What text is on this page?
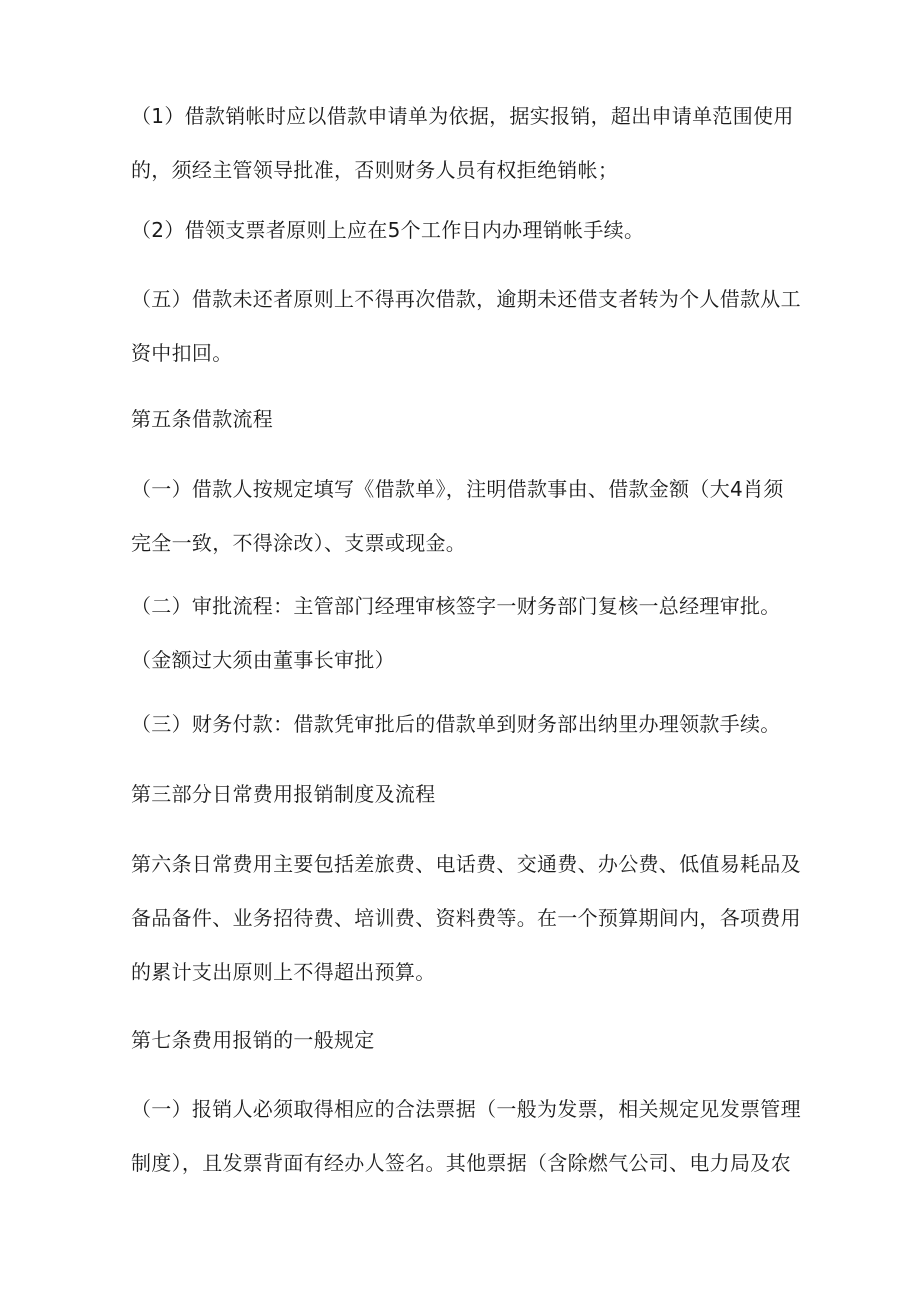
（1）借款销帐时应以借款申请单为依据，据实报销，超出申请单范围使用
的，须经主管领导批准，否则财务人员有权拒绝销帐；
（2）借领支票者原则上应在5个工作日内办理销帐手续。
（五）借款未还者原则上不得再次借款，逾期未还借支者转为个人借款从工
资中扣回。
第五条借款流程
（一）借款人按规定填写《借款单》，注明借款事由、借款金额（大4肖须
完全一致，不得涂改）、支票或现金。
（二）审批流程：主管部门经理审核签字一财务部门复核一总经理审批。
（金额过大须由董事长审批）
（三）财务付款：借款凭审批后的借款单到财务部出纳里办理领款手续。
第三部分日常费用报销制度及流程
第六条日常费用主要包括差旅费、电话费、交通费、办公费、低值易耗品及
备品备件、业务招待费、培训费、资料费等。在一个预算期间内，各项费用
的累计支出原则上不得超出预算。
第七条费用报销的一般规定
（一）报销人必须取得相应的合法票据（一般为发票，相关规定见发票管理
制度），且发票背面有经办人签名。其他票据（含除燃气公司、电力局及农
